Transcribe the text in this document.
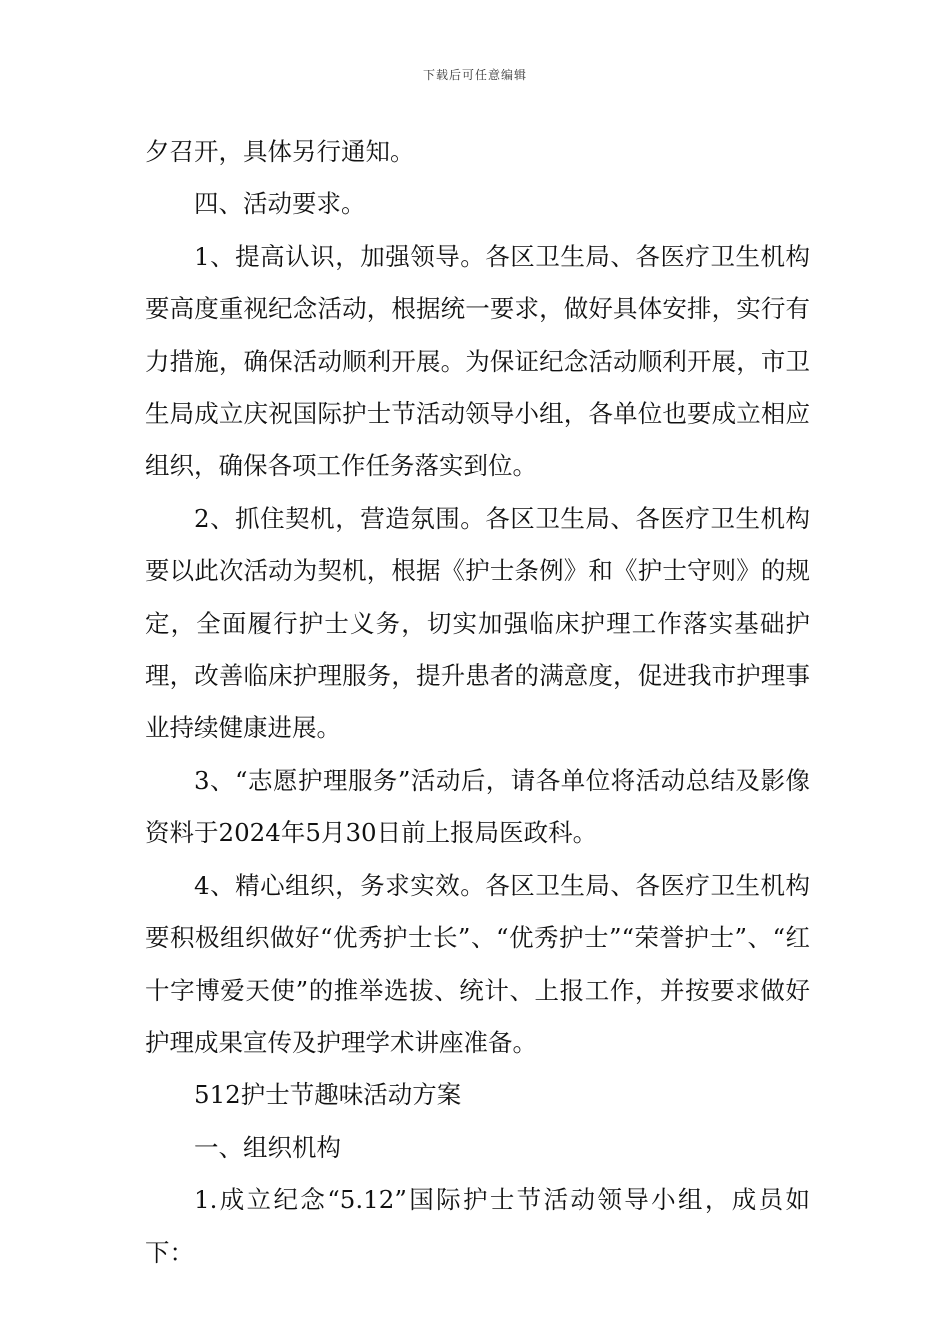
下载后可任意编辑

夕召开，具体另行通知。

四、活动要求。

1、提高认识，加强领导。各区卫生局、各医疗卫生机构要高度重视纪念活动，根据统一要求，做好具体安排，实行有力措施，确保活动顺利开展。为保证纪念活动顺利开展，市卫生局成立庆祝国际护士节活动领导小组，各单位也要成立相应组织，确保各项工作任务落实到位。

2、抓住契机，营造氛围。各区卫生局、各医疗卫生机构要以此次活动为契机，根据《护士条例》和《护士守则》的规定，全面履行护士义务，切实加强临床护理工作落实基础护理，改善临床护理服务，提升患者的满意度，促进我市护理事业持续健康进展。

3、“志愿护理服务”活动后，请各单位将活动总结及影像资料于2024年5月30日前上报局医政科。

4、精心组织，务求实效。各区卫生局、各医疗卫生机构要积极组织做好“优秀护士长”、“优秀护士”“荣誉护士”、“红十字博爱天使”的推举选拔、统计、上报工作，并按要求做好护理成果宣传及护理学术讲座准备。

512护士节趣味活动方案

一、组织机构

1.成立纪念“5.12”国际护士节活动领导小组，成员如下：
